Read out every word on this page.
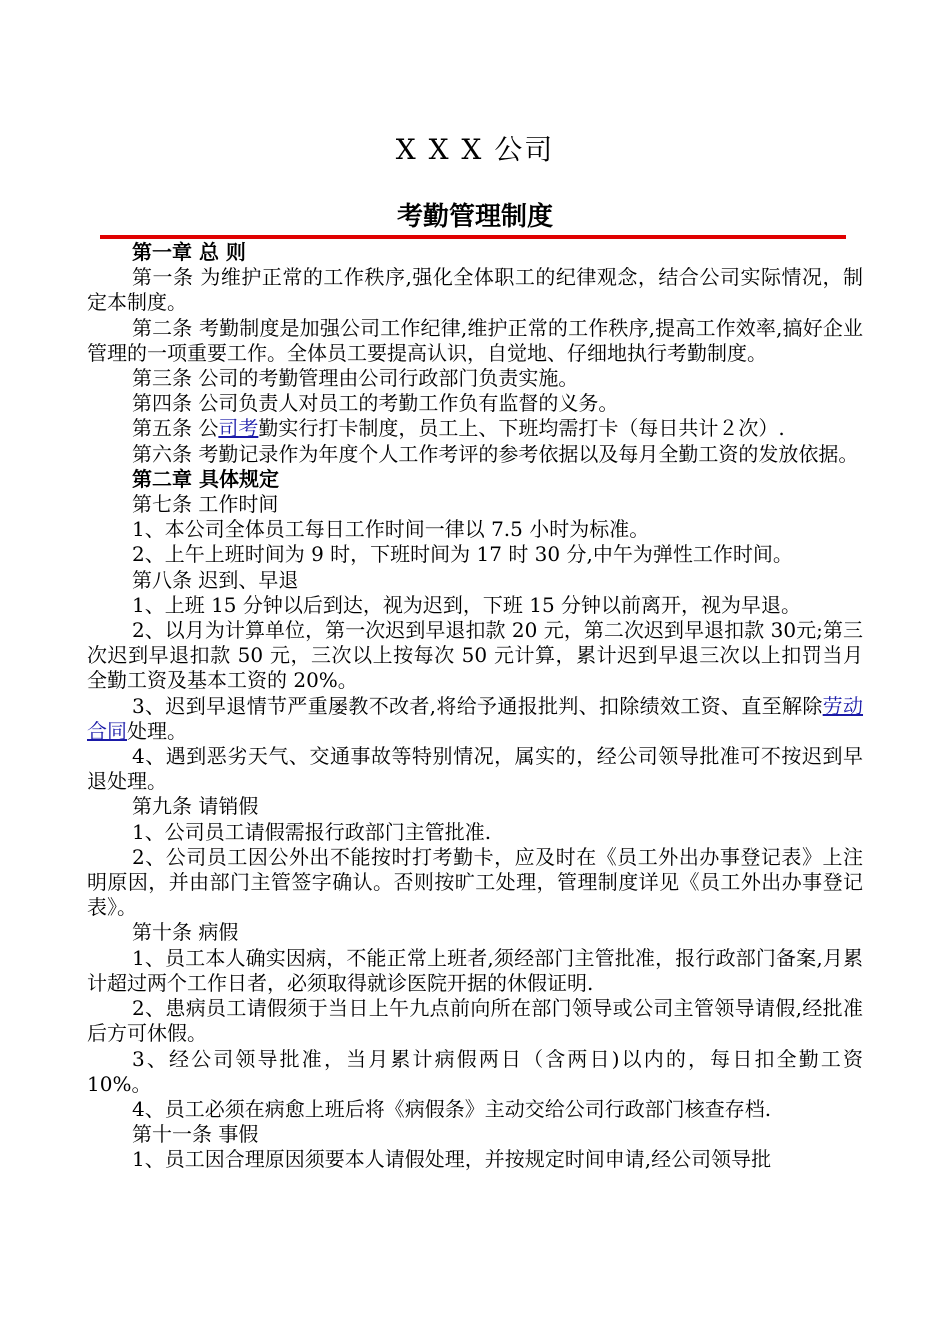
X X X 公司
考勤管理制度

第一章 总 则

第一条 为维护正常的工作秩序,强化全体职工的纪律观念，结合公司实际情况，制定本制度。

第二条 考勤制度是加强公司工作纪律,维护正常的工作秩序,提高工作效率,搞好企业管理的一项重要工作。全体员工要提高认识，自觉地、仔细地执行考勤制度。

第三条 公司的考勤管理由公司行政部门负责实施。

第四条 公司负责人对员工的考勤工作负有监督的义务。

第五条 公司考勤实行打卡制度，员工上、下班均需打卡（每日共计２次）.

第六条 考勤记录作为年度个人工作考评的参考依据以及每月全勤工资的发放依据。

第二章 具体规定

第七条 工作时间

1、本公司全体员工每日工作时间一律以 7.5 小时为标准。

2、上午上班时间为 9 时，下班时间为 17 时 30 分,中午为弹性工作时间。

第八条 迟到、早退

1、上班 15 分钟以后到达，视为迟到，下班 15 分钟以前离开，视为早退。

2、以月为计算单位，第一次迟到早退扣款 20 元，第二次迟到早退扣款 30元;第三次迟到早退扣款 50 元，三次以上按每次 50 元计算，累计迟到早退三次以上扣罚当月全勤工资及基本工资的 20%。

3、迟到早退情节严重屡教不改者,将给予通报批判、扣除绩效工资、直至解除劳动合同处理。

4、遇到恶劣天气、交通事故等特别情况，属实的，经公司领导批准可不按迟到早退处理。

第九条 请销假

1、公司员工请假需报行政部门主管批准.

2、公司员工因公外出不能按时打考勤卡，应及时在《员工外出办事登记表》上注明原因，并由部门主管签字确认。否则按旷工处理，管理制度详见《员工外出办事登记表》。

第十条 病假

1、员工本人确实因病，不能正常上班者,须经部门主管批准，报行政部门备案,月累计超过两个工作日者，必须取得就诊医院开据的休假证明.

2、患病员工请假须于当日上午九点前向所在部门领导或公司主管领导请假,经批准后方可休假。

3、经公司领导批准，当月累计病假两日（含两日)以内的，每日扣全勤工资 10%。

4、员工必须在病愈上班后将《病假条》主动交给公司行政部门核查存档.

第十一条 事假

1、员工因合理原因须要本人请假处理，并按规定时间申请,经公司领导批
